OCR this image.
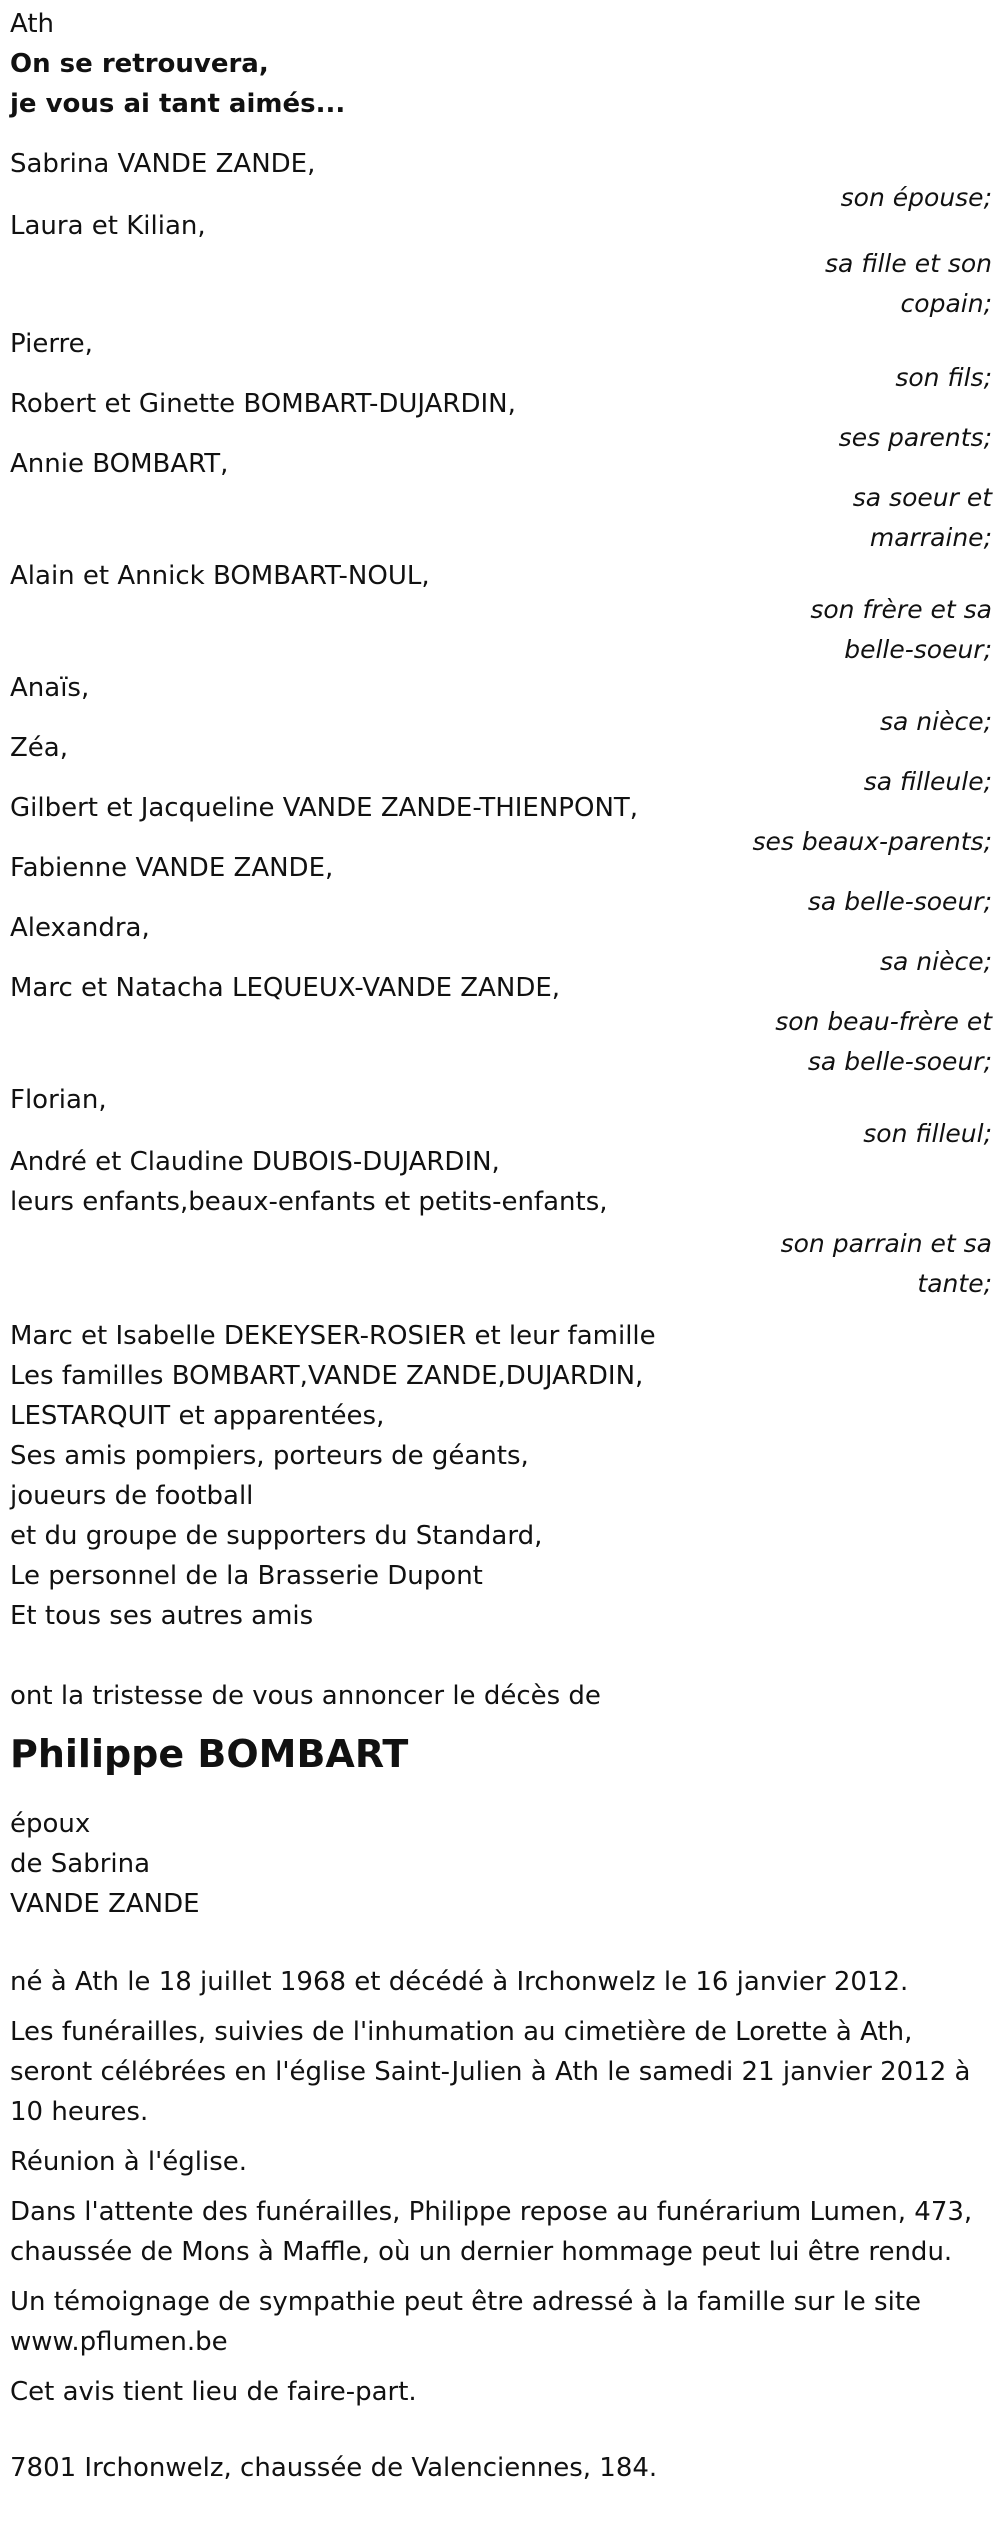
Ath
On se retrouvera,
je vous ai tant aimés...
Sabrina VANDE ZANDE,
son épouse;
Laura et Kilian,
sa fille et son copain;
Pierre,
son fils;
Robert et Ginette BOMBART-DUJARDIN,
ses parents;
Annie BOMBART,
sa soeur et marraine;
Alain et Annick BOMBART-NOUL,
son frère et sa belle-soeur;
Anaïs,
sa nièce;
Zéa,
sa filleule;
Gilbert et Jacqueline VANDE ZANDE-THIENPONT,
ses beaux-parents;
Fabienne VANDE ZANDE,
sa belle-soeur;
Alexandra,
sa nièce;
Marc et Natacha LEQUEUX-VANDE ZANDE,
son beau-frère et sa belle-soeur;
Florian,
son filleul;
André et Claudine DUBOIS-DUJARDIN,
leurs enfants,beaux-enfants et petits-enfants,
son parrain et sa tante;
Marc et Isabelle DEKEYSER-ROSIER et leur famille
Les familles BOMBART,VANDE ZANDE,DUJARDIN,
LESTARQUIT et apparentées,
Ses amis pompiers, porteurs de géants,
joueurs de football
et du groupe de supporters du Standard,
Le personnel de la Brasserie Dupont
Et tous ses autres amis
ont la tristesse de vous annoncer le décès de
Philippe BOMBART
époux
de Sabrina
VANDE ZANDE
né à Ath le 18 juillet 1968 et décédé à Irchonwelz le 16 janvier 2012.
Les funérailles, suivies de l'inhumation au cimetière de Lorette à Ath,
seront célébrées en l'église Saint-Julien à Ath le samedi 21 janvier 2012 à
10 heures.
Réunion à l'église.
Dans l'attente des funérailles, Philippe repose au funérarium Lumen, 473,
chaussée de Mons à Maffle, où un dernier hommage peut lui être rendu.
Un témoignage de sympathie peut être adressé à la famille sur le site
www.pflumen.be
Cet avis tient lieu de faire-part.
7801 Irchonwelz, chaussée de Valenciennes, 184.
